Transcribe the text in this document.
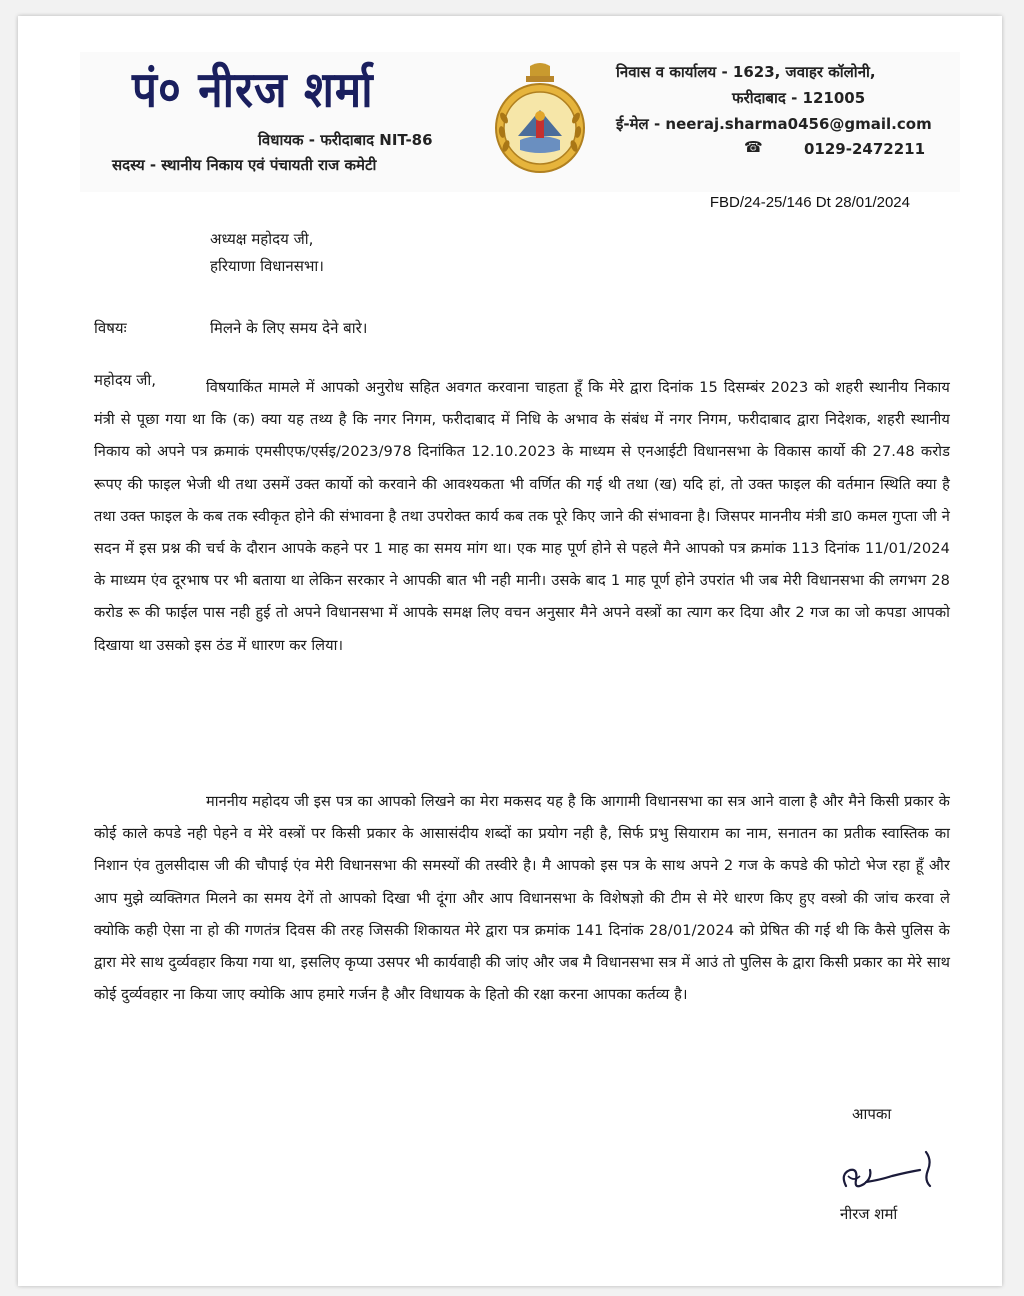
पं० नीरज शर्मा
विधायक - फरीदाबाद NIT-86
सदस्य - स्थानीय निकाय एवं पंचायती राज कमेटी
निवास व कार्यालय - 1623, जवाहर कॉलोनी,
फरीदाबाद - 121005
ई-मेल - neeraj.sharma0456@gmail.com
☎	0129-2472211
FBD/24-25/146 Dt 28/01/2024
अध्यक्ष महोदय जी,
हरियाणा विधानसभा।
विषयः	मिलने के लिए समय देने बारे।
महोदय जी,	विषयाकिंत मामले में आपको अनुरोध सहित अवगत करवाना चाहता हूँ कि मेरे द्वारा दिनांक 15 दिसम्बंर 2023 को शहरी स्थानीय निकाय मंत्री से पूछा गया था कि (क) क्या यह तथ्य है कि नगर निगम, फरीदाबाद में निधि के अभाव के संबंध में नगर निगम, फरीदाबाद द्वारा निदेशक, शहरी स्थानीय निकाय को अपने पत्र क्रमाकं एमसीएफ/एर्सइ/2023/978 दिनांकित 12.10.2023 के माध्यम से एनआईटी विधानसभा के विकास कार्यो की 27.48 करोड रूपए की फाइल भेजी थी तथा उसमें उक्त कार्यो को करवाने की आवश्यकता भी वर्णित की गई थी तथा (ख) यदि हां, तो उक्त फाइल की वर्तमान स्थिति क्या है तथा उक्त फाइल के कब तक स्वीकृत होने की संभावना है तथा उपरोक्त कार्य कब तक पूरे किए जाने की संभावना है। जिसपर माननीय मंत्री डा0 कमल गुप्ता जी ने सदन में इस प्रश्न की चर्च के दौरान आपके कहने पर 1 माह का समय मांग था। एक माह पूर्ण होने से पहले मैने आपको पत्र क्रमांक 113 दिनांक 11/01/2024 के माध्यम एंव दूरभाष पर भी बताया था लेकिन सरकार ने आपकी बात भी नही मानी। उसके बाद 1 माह पूर्ण होने उपरांत भी जब मेरी विधानसभा की लगभग 28 करोड रू की फाईल पास नही हुई तो अपने विधानसभा में आपके समक्ष लिए वचन अनुसार मैने अपने वस्त्रों का त्याग कर दिया और 2 गज का जो कपडा आपको दिखाया था उसको इस ठंड में धाारण कर लिया।
माननीय महोदय जी इस पत्र का आपको लिखने का मेरा मकसद यह है कि आगामी विधानसभा का सत्र आने वाला है और मैने किसी प्रकार के कोई काले कपडे नही पेहने व मेरे वस्त्रों पर किसी प्रकार के आसासंदीय शब्दों का प्रयोग नही है, सिर्फ प्रभु सियाराम का नाम, सनातन का प्रतीक स्वास्तिक का निशान एंव तुलसीदास जी की चौपाई एंव मेरी विधानसभा की समस्यों की तस्वीरे है। मै आपको इस पत्र के साथ अपने 2 गज के कपडे की फोटो भेज रहा हूँ और आप मुझे व्यक्तिगत मिलने का समय देगें तो आपको दिखा भी दूंगा और आप विधानसभा के विशेषज्ञो की टीम से मेरे धारण किए हुए वस्त्रो की जांच करवा ले क्योकि कही ऐसा ना हो की गणतंत्र दिवस की तरह जिसकी शिकायत मेरे द्वारा पत्र क्रमांक 141 दिनांक 28/01/2024 को प्रेषित की गई थी कि कैसे पुलिस के द्वारा मेरे साथ दुर्व्यवहार किया गया था, इसलिए कृप्या उसपर भी कार्यवाही की जांए और जब मै विधानसभा सत्र में आउं तो पुलिस के द्वारा किसी प्रकार का मेरे साथ कोई दुर्व्यवहार ना किया जाए क्योकि आप हमारे गर्जन है और विधायक के हितो की रक्षा करना आपका कर्तव्य है।
आपका
नीरज शर्मा
